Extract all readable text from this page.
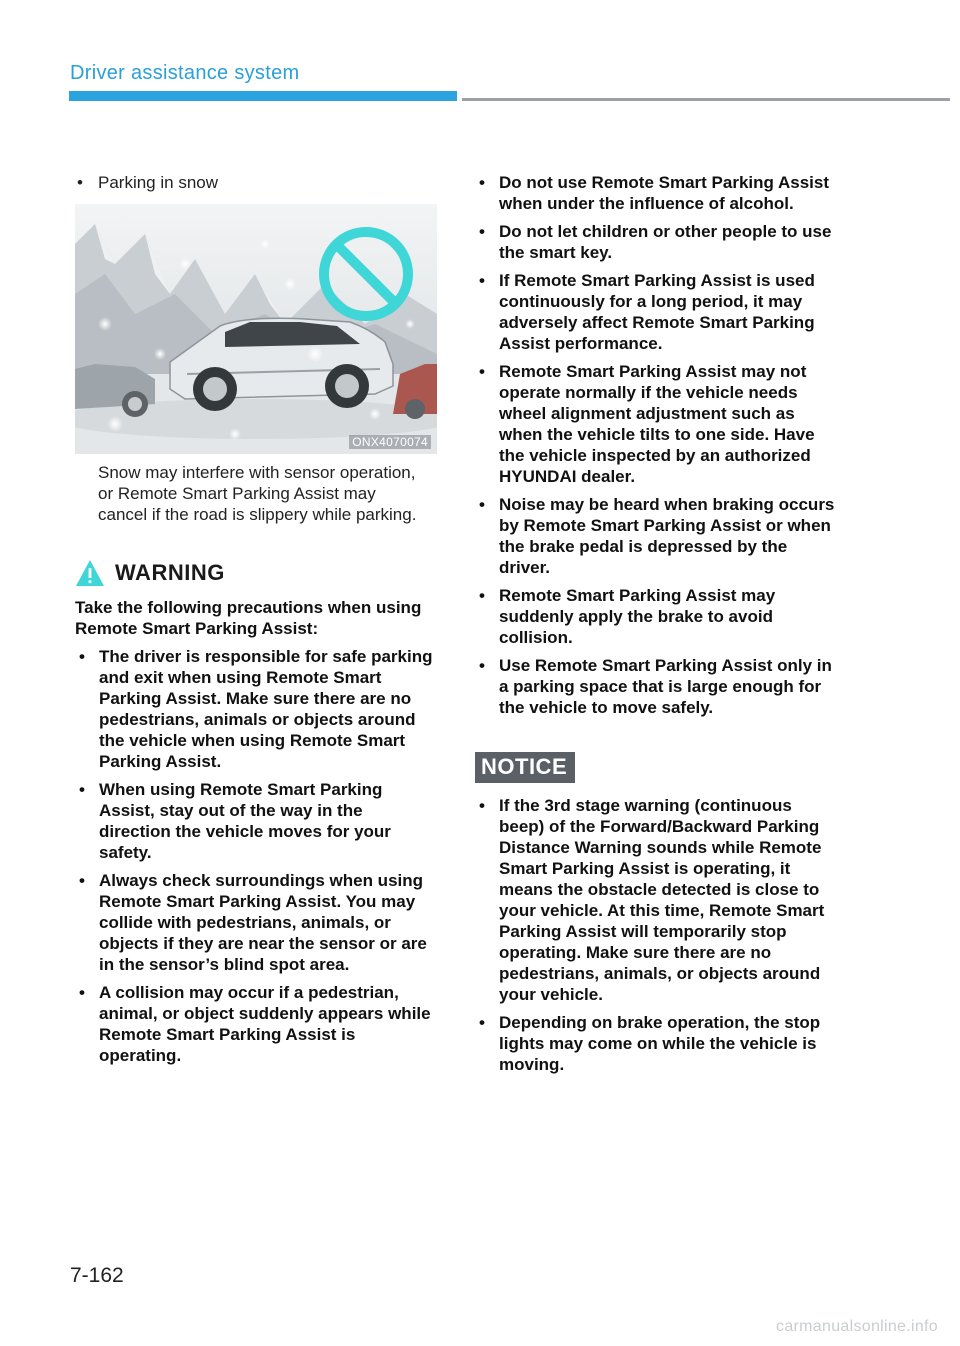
Driver assistance system
• Parking in snow
ONX4070074
Snow may interfere with sensor operation, or Remote Smart Parking Assist may cancel if the road is slippery while parking.
WARNING
Take the following precautions when using Remote Smart Parking Assist:
• The driver is responsible for safe parking and exit when using Remote Smart Parking Assist. Make sure there are no pedestrians, animals or objects around the vehicle when using Remote Smart Parking Assist.
• When using Remote Smart Parking Assist, stay out of the way in the direction the vehicle moves for your safety.
• Always check surroundings when using Remote Smart Parking Assist. You may collide with pedestrians, animals, or objects if they are near the sensor or are in the sensor’s blind spot area.
• A collision may occur if a pedestrian, animal, or object suddenly appears while Remote Smart Parking Assist is operating.
• Do not use Remote Smart Parking Assist when under the influence of alcohol.
• Do not let children or other people to use the smart key.
• If Remote Smart Parking Assist is used continuously for a long period, it may adversely affect Remote Smart Parking Assist performance.
• Remote Smart Parking Assist may not operate normally if the vehicle needs wheel alignment adjustment such as when the vehicle tilts to one side. Have the vehicle inspected by an authorized HYUNDAI dealer.
• Noise may be heard when braking occurs by Remote Smart Parking Assist or when the brake pedal is depressed by the driver.
• Remote Smart Parking Assist may suddenly apply the brake to avoid collision.
• Use Remote Smart Parking Assist only in a parking space that is large enough for the vehicle to move safely.
NOTICE
• If the 3rd stage warning (continuous beep) of the Forward/Backward Parking Distance Warning sounds while Remote Smart Parking Assist is operating, it means the obstacle detected is close to your vehicle. At this time, Remote Smart Parking Assist will temporarily stop operating. Make sure there are no pedestrians, animals, or objects around your vehicle.
• Depending on brake operation, the stop lights may come on while the vehicle is moving.
7-162
carmanualsonline.info
